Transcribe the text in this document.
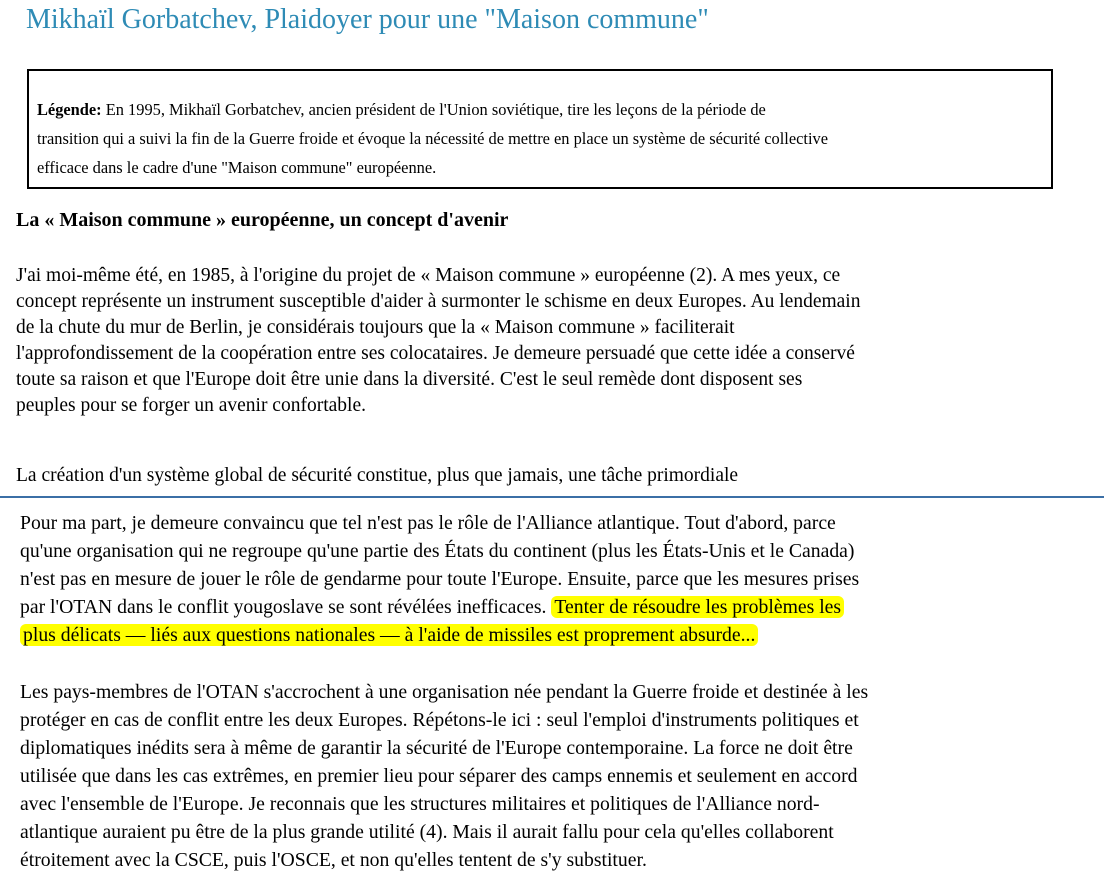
Mikhaïl Gorbatchev, Plaidoyer pour une "Maison commune"
Légende: En 1995, Mikhaïl Gorbatchev, ancien président de l'Union soviétique, tire les leçons de la période de
transition qui a suivi la fin de la Guerre froide et évoque la nécessité de mettre en place un système de sécurité collective
efficace dans le cadre d'une "Maison commune" européenne.
La « Maison commune » européenne, un concept d'avenir
J'ai moi-même été, en 1985, à l'origine du projet de « Maison commune » européenne (2). A mes yeux, ce
concept représente un instrument susceptible d'aider à surmonter le schisme en deux Europes. Au lendemain
de la chute du mur de Berlin, je considérais toujours que la « Maison commune » faciliterait
l'approfondissement de la coopération entre ses colocataires. Je demeure persuadé que cette idée a conservé
toute sa raison et que l'Europe doit être unie dans la diversité. C'est le seul remède dont disposent ses
peuples pour se forger un avenir confortable.
La création d'un système global de sécurité constitue, plus que jamais, une tâche primordiale
Pour ma part, je demeure convaincu que tel n'est pas le rôle de l'Alliance atlantique. Tout d'abord, parce
qu'une organisation qui ne regroupe qu'une partie des États du continent (plus les États-Unis et le Canada)
n'est pas en mesure de jouer le rôle de gendarme pour toute l'Europe. Ensuite, parce que les mesures prises
par l'OTAN dans le conflit yougoslave se sont révélées inefficaces. Tenter de résoudre les problèmes les
plus délicats — liés aux questions nationales — à l'aide de missiles est proprement absurde...
Les pays-membres de l'OTAN s'accrochent à une organisation née pendant la Guerre froide et destinée à les
protéger en cas de conflit entre les deux Europes. Répétons-le ici : seul l'emploi d'instruments politiques et
diplomatiques inédits sera à même de garantir la sécurité de l'Europe contemporaine. La force ne doit être
utilisée que dans les cas extrêmes, en premier lieu pour séparer des camps ennemis et seulement en accord
avec l'ensemble de l'Europe. Je reconnais que les structures militaires et politiques de l'Alliance nord-
atlantique auraient pu être de la plus grande utilité (4). Mais il aurait fallu pour cela qu'elles collaborent
étroitement avec la CSCE, puis l'OSCE, et non qu'elles tentent de s'y substituer.
